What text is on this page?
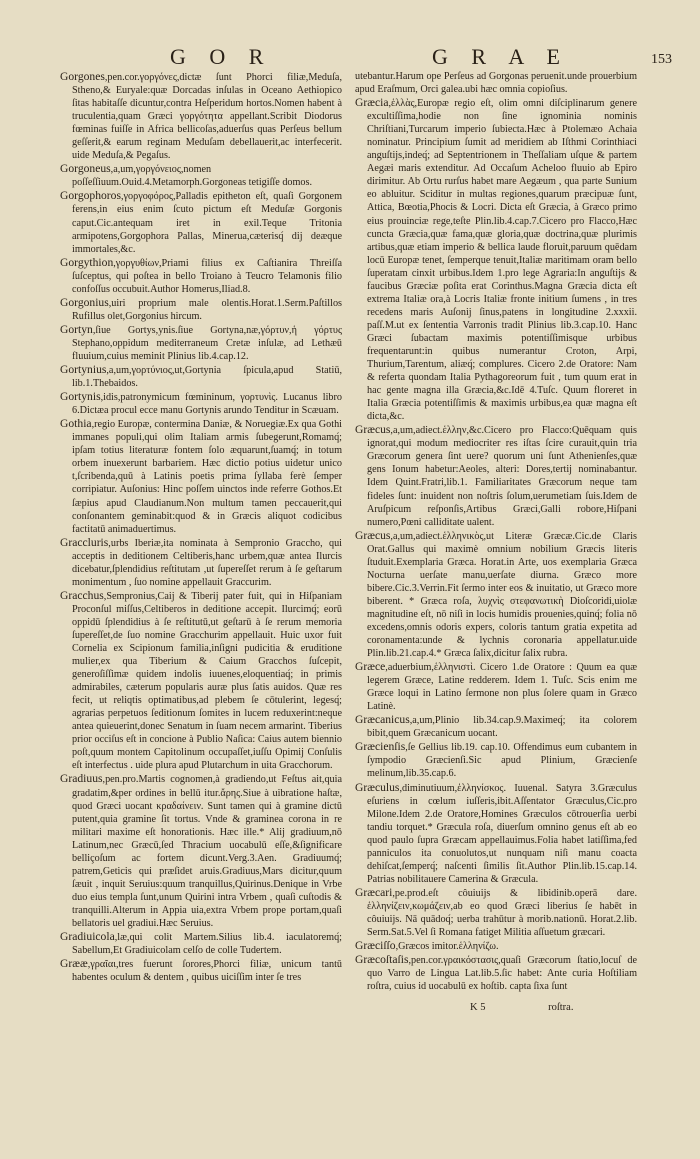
G O R	G R A E	153

Gorgones,pen.cor.γοργόνες,dictæ ſunt Phorci filiæ,Meduſa, Stheno,& Euryale:quæ Dorcadas inſulas in Oceano Aethiopico ſitas habitaſſe dicuntur,contra Heſperidum hortos.Nomen habent à truculentia,quam Græci γοργότητα appellant.Scribit Diodorus fœminas fuiſſe in Africa bellicoſas,aduerſus quas Perſeus bellum geſſerit,& earum reginam Meduſam debellauerit,ac interfecerit. uide Meduſa,& Pegaſus.

Gorgoneus,a,um,γοργόνειος,nomen poſſeſſiuum.Ouid.4.Metamorph.Gorgoneas tetigiſſe domos.

Gorgophoros,γοργοφόρος,Palladis epitheton eſt, quaſi Gorgonem ferens,in eius enim ſcuto pictum eſt Meduſæ Gorgonis caput.Cic.antequam iret in exil.Teque Tritonia armipotens,Gorgophora Pallas, Minerua,cæterisq́ dij deæque immortales,&c.

Gorgythion,γοργυθίων,Priami filius ex Caſtianira Threiſſa ſuſceptus, qui poſtea in bello Troiano à Teucro Telamonis filio confoſſus occubuit.Author Homerus,Iliad.8.

Gorgonius,uiri proprium male olentis.Horat.1.Serm.Paſtillos Rufillus olet,Gorgonius hircum.

Gortyn,ſiue Gortys,ynis.ſiue Gortyna,næ,γόρτυν,ἡ γόρτυς Stephano,oppidum mediterraneum Cretæ inſulæ, ad Lethæū fluuium,cuius meminit Plinius lib.4.cap.12.

Gortynius,a,um,γορτύνιος,ut,Gortynia ſpicula,apud Statiū, lib.1.Thebaidos.

Gortynis,idis,patronymicum fœmininum, γορτυνὶς. Lucanus libro 6.Dictæa procul ecce manu Gortynis arundo Tenditur in Scæuam.

Gothia,regio Europæ, contermina Daniæ, & Noruegiæ.Ex qua Gothi immanes populi,qui olim Italiam armis ſubegerunt,Romamq́; ipſam totius literaturæ fontem ſolo æquarunt,ſuamq́; in totum orbem inuexerunt barbariem. Hæc dictio potius uidetur unico t,ſcribenda,quū à Latinis poetis prima ſyllaba ferè ſemper corripiatur. Auſonius: Hinc poſſem uinctos inde referre Gothos.Et ſæpius apud Claudianum.Non multum tamen peccauerit,qui conſonantem geminabit:quod & in Græcis aliquot codicibus factitatū animaduertimus.

Graccluris,urbs Iberiæ,ita nominata à Sempronio Graccho, qui acceptis in deditionem Celtiberis,hanc urbem,quæ antea Ilurcis dicebatur,ſplendidius reſtitutam ,ut ſupereſſet rerum à ſe geſtarum monimentum , ſuo nomine appellauit Graccurim.

Gracchus,Sempronius,Caij & Tiberij pater fuit, qui in Hiſpaniam Proconſul miſſus,Celtiberos in deditione accepit. Ilurcimq́; eorū oppidū ſplendidius à ſe reſtitutū,ut geſtarū à ſe rerum memoria ſupereſſet,de ſuo nomine Gracchurim appellauit. Huic uxor fuit Cornelia ex Scipionum familia,inſigni pudicitia & eruditione mulier,ex qua Tiberium & Caium Gracchos ſuſcepit, generoſiſſimæ quidem indolis iuuenes,eloquentiaq́; in primis admirabiles, cæterum popularis auræ plus ſatis auidos. Quæ res fecit, ut reliqtis optimatibus,ad plebem ſe cōtulerint, legesq́; agrarias perpetuos ſeditionum ſomites in lucem reduxerint:neque antea quieuerint,donec Senatum in ſuam necem armarint. Tiberius prior occiſus eſt in concione à Publio Naſica: Caius autem biennio poſt,quum montem Capitolinum occupaſſet,iuſſu Opimij Conſulis eſt interfectus . uide plura apud Plutarchum in uita Gracchorum.

Gradiuus,pen.pro.Martis cognomen,à gradiendo,ut Feſtus ait,quia gradatim,&per ordines in bellū itur.ἄρης.Siue à uibratione haſtæ, quod Græci uocant κραδαίνειν. Sunt tamen qui à gramine dictū putent,quia gramine ſit tortus. Vnde & graminea corona in re militari maxime eſt honorationis. Hæc ille.* Alij gradiuum,nō Latinum,nec Græcū,ſed Thracium uocabulū eſſe,&ſignificare belliçoſum ac fortem dicunt.Verg.3.Aen. Gradiuumq́; patrem,Geticis qui præſidet aruis.Gradiuus,Mars dicitur,quum ſæuit , inquit Seruius:quum tranquillus,Quirinus.Denique in Vrbe duo eius templa ſunt,unum Quirini intra Vrbem , quaſi cuſtodis & tranquilli.Alterum in Appia uia,extra Vrbem prope portam,quaſi bellatoris uel gradiui.Hæc Seruius.

Gradiuicola,læ,qui colit Martem.Silius lib.4. iaculatoremq́; Sabellum,Et Gradiuicolam celſo de colle Tudertem.

Grææ,γραῖαι,tres fuerunt ſorores,Phorci filiæ, unicum tantū habentes oculum & dentem , quibus uiciſſim inter ſe tres

utebantur.Harum ope Perſeus ad Gorgonas peruenit.unde prouerbium apud Eraſmum, Orci galea.ubi hæc omnia copioſius.

Græcia,ἑλλὰς,Europæ regio eſt, olim omni diſciplinarum genere excultiſſima,hodie non ſine ignominia nominis Chriſtiani,Turcarum imperio ſubiecta.Hæc à Ptolemæo Achaia nominatur. Principium ſumit ad meridiem ab Iſthmi Corinthiaci anguſtijs,indeq́; ad Septentrionem in Theſſaliam uſque & partem Aegæi maris extenditur. Ad Occaſum Acheloo fluuio ab Epiro dirimitur. Ab Ortu rurſus habet mare Aegæum , qua parte Sunium eo abluitur. Sciditur in multas regiones,quarum præcipuæ ſunt, Attica, Bœotia,Phocis & Locri. Dicta eſt Græcia, à Græco primo eius prouinciæ rege,teſte Plin.lib.4.cap.7.Cicero pro Flacco,Hæc cuncta Græcia,quæ fama,quæ gloria,quæ doctrina,quæ plurimis artibus,quæ etiam imperio & bellica laude floruit,paruum quēdam locū Europæ tenet, ſemperque tenuit,Italiæ maritimam oram bello ſuperatam cinxit urbibus.Idem 1.pro lege Agraria:In anguſtijs & faucibus Græciæ poſita erat Corinthus.Magna Græcia dicta eſt extrema Italiæ ora,à Locris Italiæ fronte initium ſumens , in tres recedens maris Auſonij ſinus,patens in longitudine 2.xxxii. paſſ.M.ut ex ſententia Varronis tradit Plinius lib.3.cap.10. Hanc Græci ſubactam maximis potentiſſimisque urbibus frequentarunt:in quibus numerantur Croton, Arpi, Thurium,Tarentum, aliæq́; complures. Cicero 2.de Oratore: Nam & referta quondam Italia Pythagoreorum fuit , tum quum erat in hac gente magna illa Græcia,&c.Idē 4.Tuſc. Quum floreret in Italia Græcia potentiſſimis & maximis urbibus,ea quæ magna eſt dicta,&c.

Græcus,a,um,adiect.ἑλλην,&c.Cicero pro Flacco:Quēquam quis ignorat,qui modum mediocriter res iſtas ſcire curauit,quin tria Græcorum genera ſint uere? quorum uni ſunt Athenienſes,quæ gens Ionum habetur:Aeoles, alteri: Dores,tertij nominabantur. Idem Quint.Fratri,lib.1. Familiaritates Græcorum neque tam fideles ſunt: inuident non noſtris ſolum,uerumetiam ſuis.Idem de Aruſpicum reſponſis,Artibus Græci,Galli robore,Hiſpani numero,Pœni calliditate ualent.

Græcus,a,um,adiect.ἑλληνικὸς,ut Literæ Græcæ.Cic.de Claris Orat.Gallus qui maximè omnium nobilium Græcis literis ſtuduit.Exemplaria Græca. Horat.in Arte, uos exemplaria Græca Nocturna uerſate manu,uerſate diurna. Græco more bibere.Cic.3.Verrin.Fit ſermo inter eos & inuitatio, ut Græco more biberent. * Græca roſa, λυχνὶς στεφανωτικὴ Dioſcoridi,uiolæ magnitudine eſt, nō niſi in locis humidis prouenies,quinq́; folia nō excedens,omnis odoris expers, coloris tantum gratia expetita ad coronamenta:unde & lychnis coronaria appellatur.uide Plin.lib.21.cap.4.* Græca ſalix,dicitur ſalix rubra.

Græce,aduerbium,ἑλληνιστὶ. Cicero 1.de Oratore : Quum ea quæ legerem Græce, Latine redderem. Idem 1. Tuſc. Scis enim me Græce loqui in Latino ſermone non plus ſolere quam in Græco Latinè.

Græcanicus,a,um,Plinio lib.34.cap.9.Maximeq́; ita colorem bibit,quem Græcanicum uocant.

Græcienſis,ſe Gellius lib.19. cap.10. Offendimus eum cubantem in ſympodio Græcienſi.Sic apud Plinium, Græcienſe melinum,lib.35.cap.6.

Græculus,diminutiuum,ἑλληνίσκος. Iuuenal. Satyra 3.Græculus eſuriens in cœlum iuſſeris,ibit.Aſſentator Græculus,Cic.pro Milone.Idem 2.de Oratore,Homines Græculos cōtrouerſia uerbi tandiu torquet.* Græcula roſa, diuerſum omnino genus eſt ab eo quod paulo ſupra Græcam appellauimus.Folia habet latiſſima,fed panniculos ita conuolutos,ut nunquam niſi manu coacta dehiſcat,ſemperq́; naſcenti ſimilis ſit.Author Plin.lib.15.cap.14. Patrias nobilitauere Camerina & Græcula.

Græcari,pe.prod.eſt côuiuijs & libidinib.operā dare. ἑλληνίζειν,κωμάζειν,ab eo quod Græci liberius ſe habēt in côuiuijs. Nā quādoq́; uerba trahūtur à morib.nationū. Horat.2.lib. Serm.Sat.5.Vel ſi Romana fatiget Militia aſſuetum græcari.

Græciſſo,Græcos imitor.ἑλληνίζω.

Græcoſtaſis,pen.cor.γραικόστασις,quaſi Græcorum ſtatio,locuſ de quo Varro de Lingua Lat.lib.5.ſic habet: Ante curia Hoſtiliam roſtra, cuius id uocabulū ex hoſtib. capta ſixa ſunt

K 5	roſtra.
